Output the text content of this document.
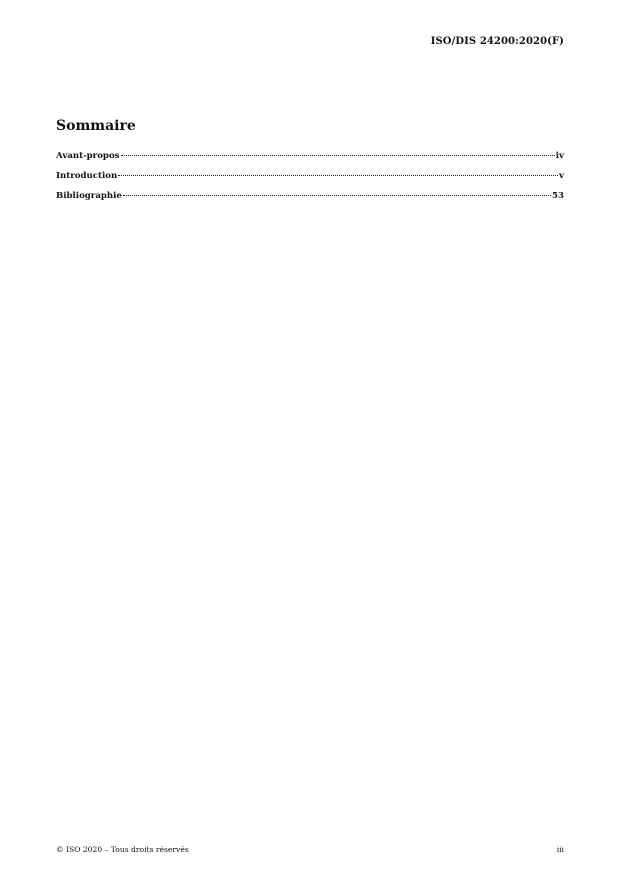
ISO/DIS 24200:2020(F)
Sommaire
Avant-propos	iv
Introduction	v
Bibliographie	53
© ISO 2020 – Tous droits réservés	iii
